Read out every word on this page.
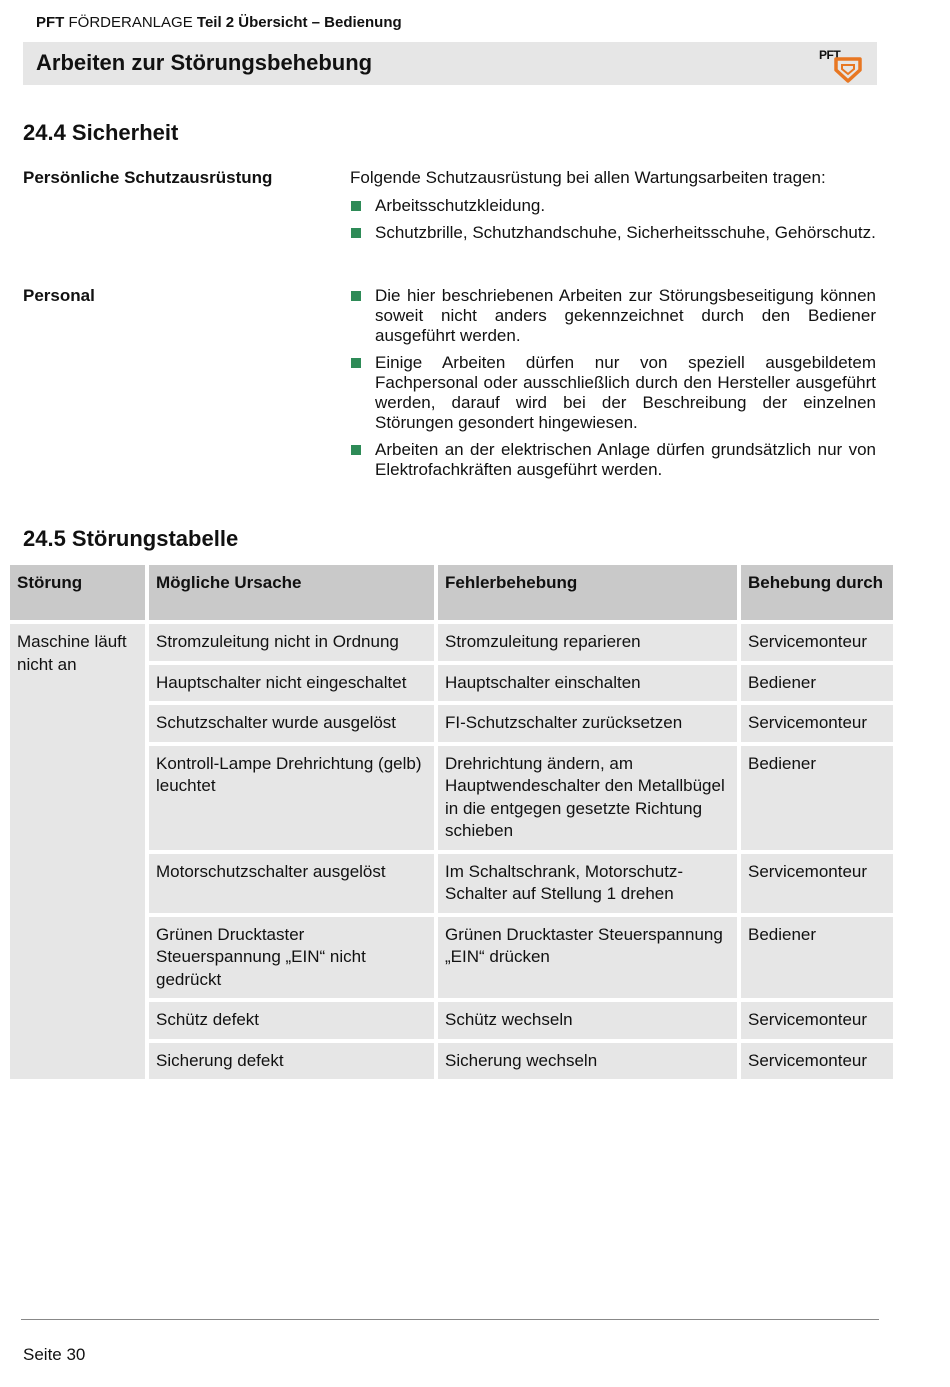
PFT FÖRDERANLAGE Teil 2 Übersicht – Bedienung
Arbeiten zur Störungsbehebung	PFT
24.4 Sicherheit
Persönliche Schutzausrüstung	Folgende Schutzausrüstung bei allen Wartungsarbeiten tragen:
Arbeitsschutzkleidung.
Schutzbrille, Schutzhandschuhe, Sicherheitsschuhe, Gehörschutz.
Personal	Die hier beschriebenen Arbeiten zur Störungsbeseitigung können soweit nicht anders gekennzeichnet durch den Bediener ausgeführt werden.
Einige Arbeiten dürfen nur von speziell ausgebildetem Fachpersonal oder ausschließlich durch den Hersteller ausgeführt werden, darauf wird bei der Beschreibung der einzelnen Störungen gesondert hingewiesen.
Arbeiten an der elektrischen Anlage dürfen grundsätzlich nur von Elektrofachkräften ausgeführt werden.
24.5 Störungstabelle
Störung	Mögliche Ursache	Fehlerbehebung	Behebung durch
Maschine läuft nicht an	Stromzuleitung nicht in Ordnung	Stromzuleitung reparieren	Servicemonteur
	Hauptschalter nicht eingeschaltet	Hauptschalter einschalten	Bediener
	Schutzschalter wurde ausgelöst	FI-Schutzschalter zurücksetzen	Servicemonteur
	Kontroll-Lampe Drehrichtung (gelb) leuchtet	Drehrichtung ändern, am Hauptwendeschalter den Metallbügel in die entgegen gesetzte Richtung schieben	Bediener
	Motorschutzschalter ausgelöst	Im Schaltschrank, Motorschutz-Schalter auf Stellung 1 drehen	Servicemonteur
	Grünen Drucktaster Steuerspannung „EIN“ nicht gedrückt	Grünen Drucktaster Steuerspannung „EIN“ drücken	Bediener
	Schütz defekt	Schütz wechseln	Servicemonteur
	Sicherung defekt	Sicherung wechseln	Servicemonteur
Seite 30
